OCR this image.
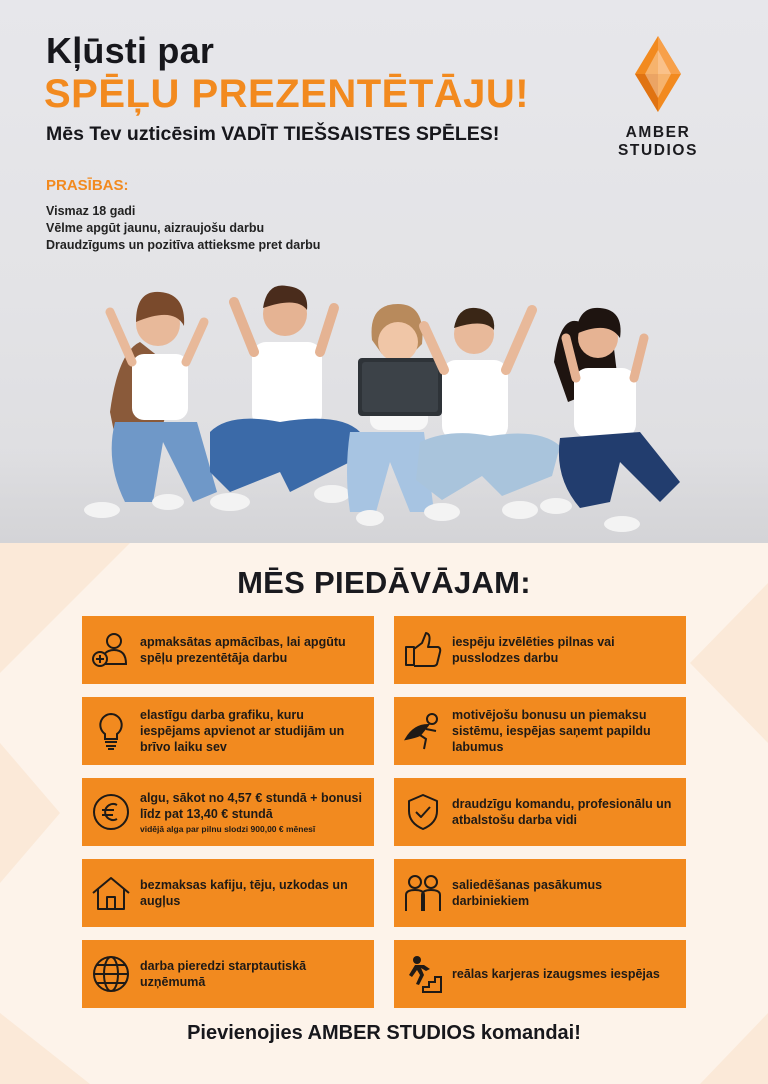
Kļūsti par
SPĒĻU PREZENTĒTĀJU!
Mēs Tev uzticēsim VADĪT TIEŠSAISTES SPĒLES!
PRASĪBAS:
Vismaz 18 gadi
Vēlme apgūt jaunu, aizraujošu darbu
Draudzīgums un pozitīva attieksme pret darbu
AMBER STUDIOS
MĒS PIEDĀVĀJAM:
apmaksātas apmācības, lai apgūtu spēļu prezentētāja darbu
iespēju izvēlēties pilnas vai pusslodzes darbu
elastīgu darba grafiku, kuru iespējams apvienot ar studijām un brīvo laiku sev
motivējošu bonusu un piemaksu sistēmu, iespējas saņemt papildu labumus
algu, sākot no 4,57 € stundā + bonusi līdz pat 13,40 € stundā
vidējā alga par pilnu slodzi 900,00 € mēnesī
draudzīgu komandu, profesionālu un atbalstošu darba vidi
bezmaksas kafiju, tēju, uzkodas un augļus
saliedēšanas pasākumus darbiniekiem
darba pieredzi starptautiskā uzņēmumā
reālas karjeras izaugsmes iespējas
Pievienojies AMBER STUDIOS komandai!
